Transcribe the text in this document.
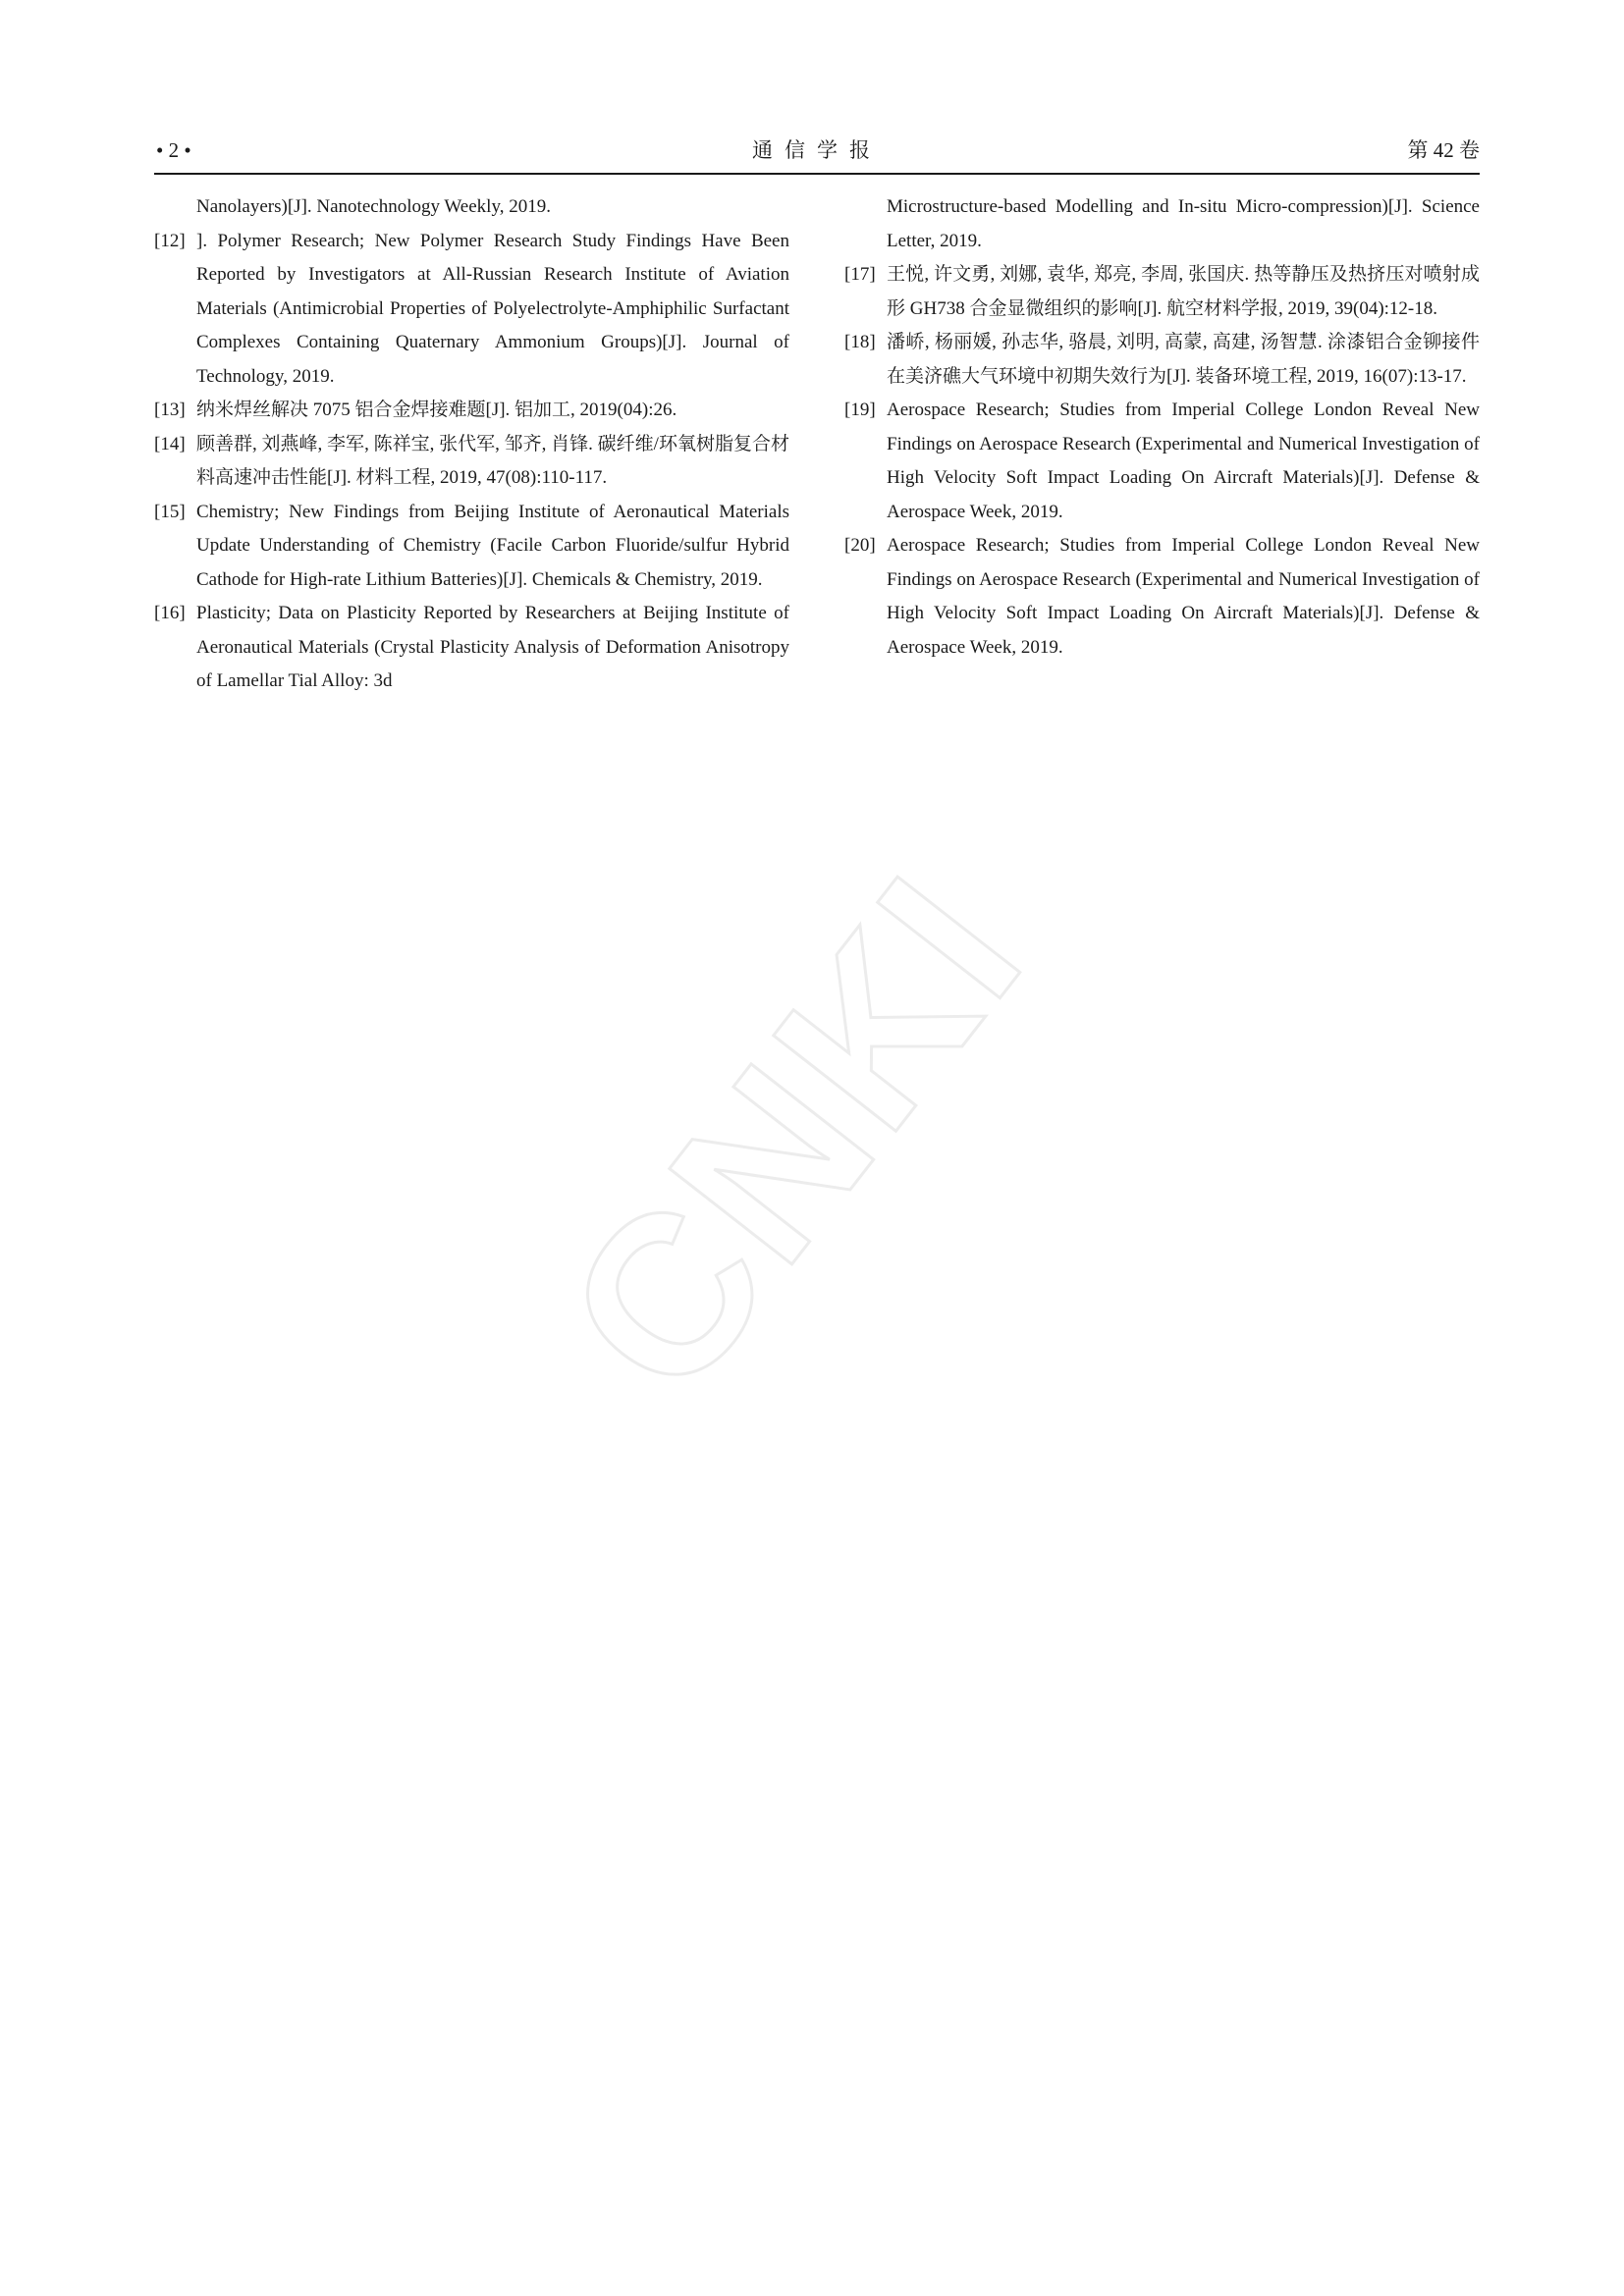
• 2 •	通信学报	第 42 卷
Nanolayers)[J]. Nanotechnology Weekly, 2019.
[12] ]. Polymer Research; New Polymer Research Study Findings Have Been Reported by Investigators at All-Russian Research Institute of Aviation Materials (Antimicrobial Properties of Polyelectrolyte-Amphiphilic Surfactant Complexes Containing Quaternary Ammonium Groups)[J]. Journal of Technology, 2019.
[13] 纳米焊丝解决 7075 铝合金焊接难题[J]. 铝加工, 2019(04):26.
[14] 顾善群, 刘燕峰, 李军, 陈祥宝, 张代军, 邹齐, 肖锋. 碳纤维/环氧树脂复合材料高速冲击性能[J]. 材料工程, 2019, 47(08):110-117.
[15] Chemistry; New Findings from Beijing Institute of Aeronautical Materials Update Understanding of Chemistry (Facile Carbon Fluoride/sulfur Hybrid Cathode for High-rate Lithium Batteries)[J]. Chemicals & Chemistry, 2019.
[16] Plasticity; Data on Plasticity Reported by Researchers at Beijing Institute of Aeronautical Materials (Crystal Plasticity Analysis of Deformation Anisotropy of Lamellar Tial Alloy: 3d
Microstructure-based Modelling and In-situ Micro-compression)[J]. Science Letter, 2019.
[17] 王悦, 许文勇, 刘娜, 袁华, 郑亮, 李周, 张国庆. 热等静压及热挤压对喷射成形 GH738 合金显微组织的影响[J]. 航空材料学报, 2019, 39(04):12-18.
[18] 潘峤, 杨丽媛, 孙志华, 骆晨, 刘明, 高蒙, 高建, 汤智慧. 涂漆铝合金铆接件在美济礁大气环境中初期失效行为[J]. 装备环境工程, 2019, 16(07):13-17.
[19] Aerospace Research; Studies from Imperial College London Reveal New Findings on Aerospace Research (Experimental and Numerical Investigation of High Velocity Soft Impact Loading On Aircraft Materials)[J]. Defense & Aerospace Week, 2019.
[20] Aerospace Research; Studies from Imperial College London Reveal New Findings on Aerospace Research (Experimental and Numerical Investigation of High Velocity Soft Impact Loading On Aircraft Materials)[J]. Defense & Aerospace Week, 2019.
CNKI
